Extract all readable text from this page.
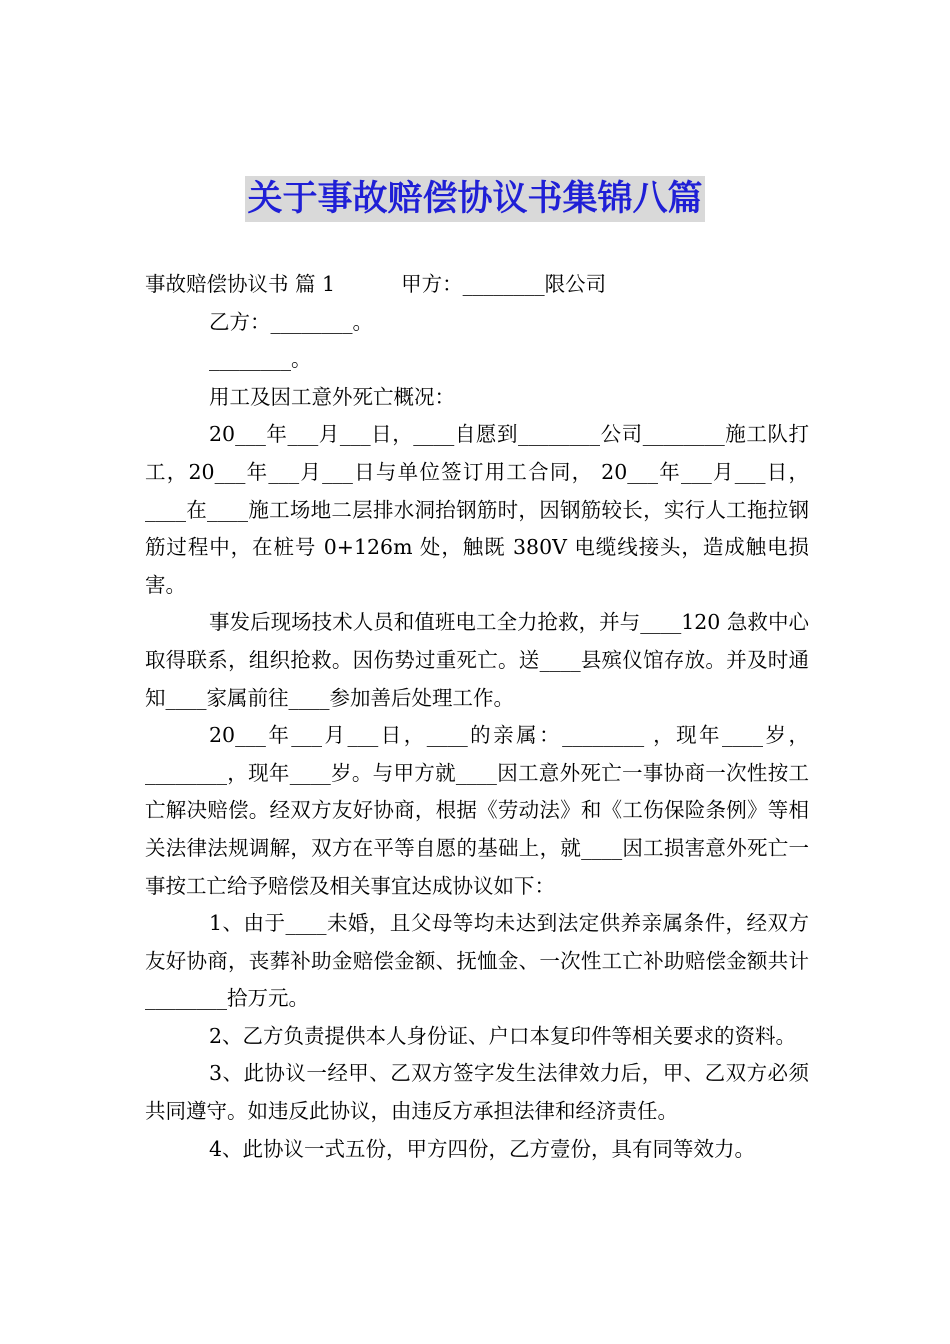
关于事故赔偿协议书集锦八篇

事故赔偿协议书 篇 1	甲方：________限公司

乙方：________。

________。

用工及因工意外死亡概况：

20___年___月___日，____自愿到________公司________施工队打工，20___年___月___日与单位签订用工合同， 20___年___月___日，____在____施工场地二层排水洞抬钢筋时，因钢筋较长，实行人工拖拉钢筋过程中，在桩号 0+126m 处，触既 380V 电缆线接头，造成触电损害。

事发后现场技术人员和值班电工全力抢救，并与____120 急救中心取得联系，组织抢救。因伤势过重死亡。送____县殡仪馆存放。并及时通知____家属前往____参加善后处理工作。

20___年___月___日，____的亲属：________ ，现年____岁，________，现年____岁。与甲方就____因工意外死亡一事协商一次性按工亡解决赔偿。经双方友好协商，根据《劳动法》和《工伤保险条例》等相关法律法规调解，双方在平等自愿的基础上，就____因工损害意外死亡一事按工亡给予赔偿及相关事宜达成协议如下：

1、由于____未婚，且父母等均未达到法定供养亲属条件，经双方友好协商，丧葬补助金赔偿金额、抚恤金、一次性工亡补助赔偿金额共计________拾万元。

2、乙方负责提供本人身份证、户口本复印件等相关要求的资料。

3、此协议一经甲、乙双方签字发生法律效力后，甲、乙双方必须共同遵守。如违反此协议，由违反方承担法律和经济责任。

4、此协议一式五份，甲方四份，乙方壹份，具有同等效力。
